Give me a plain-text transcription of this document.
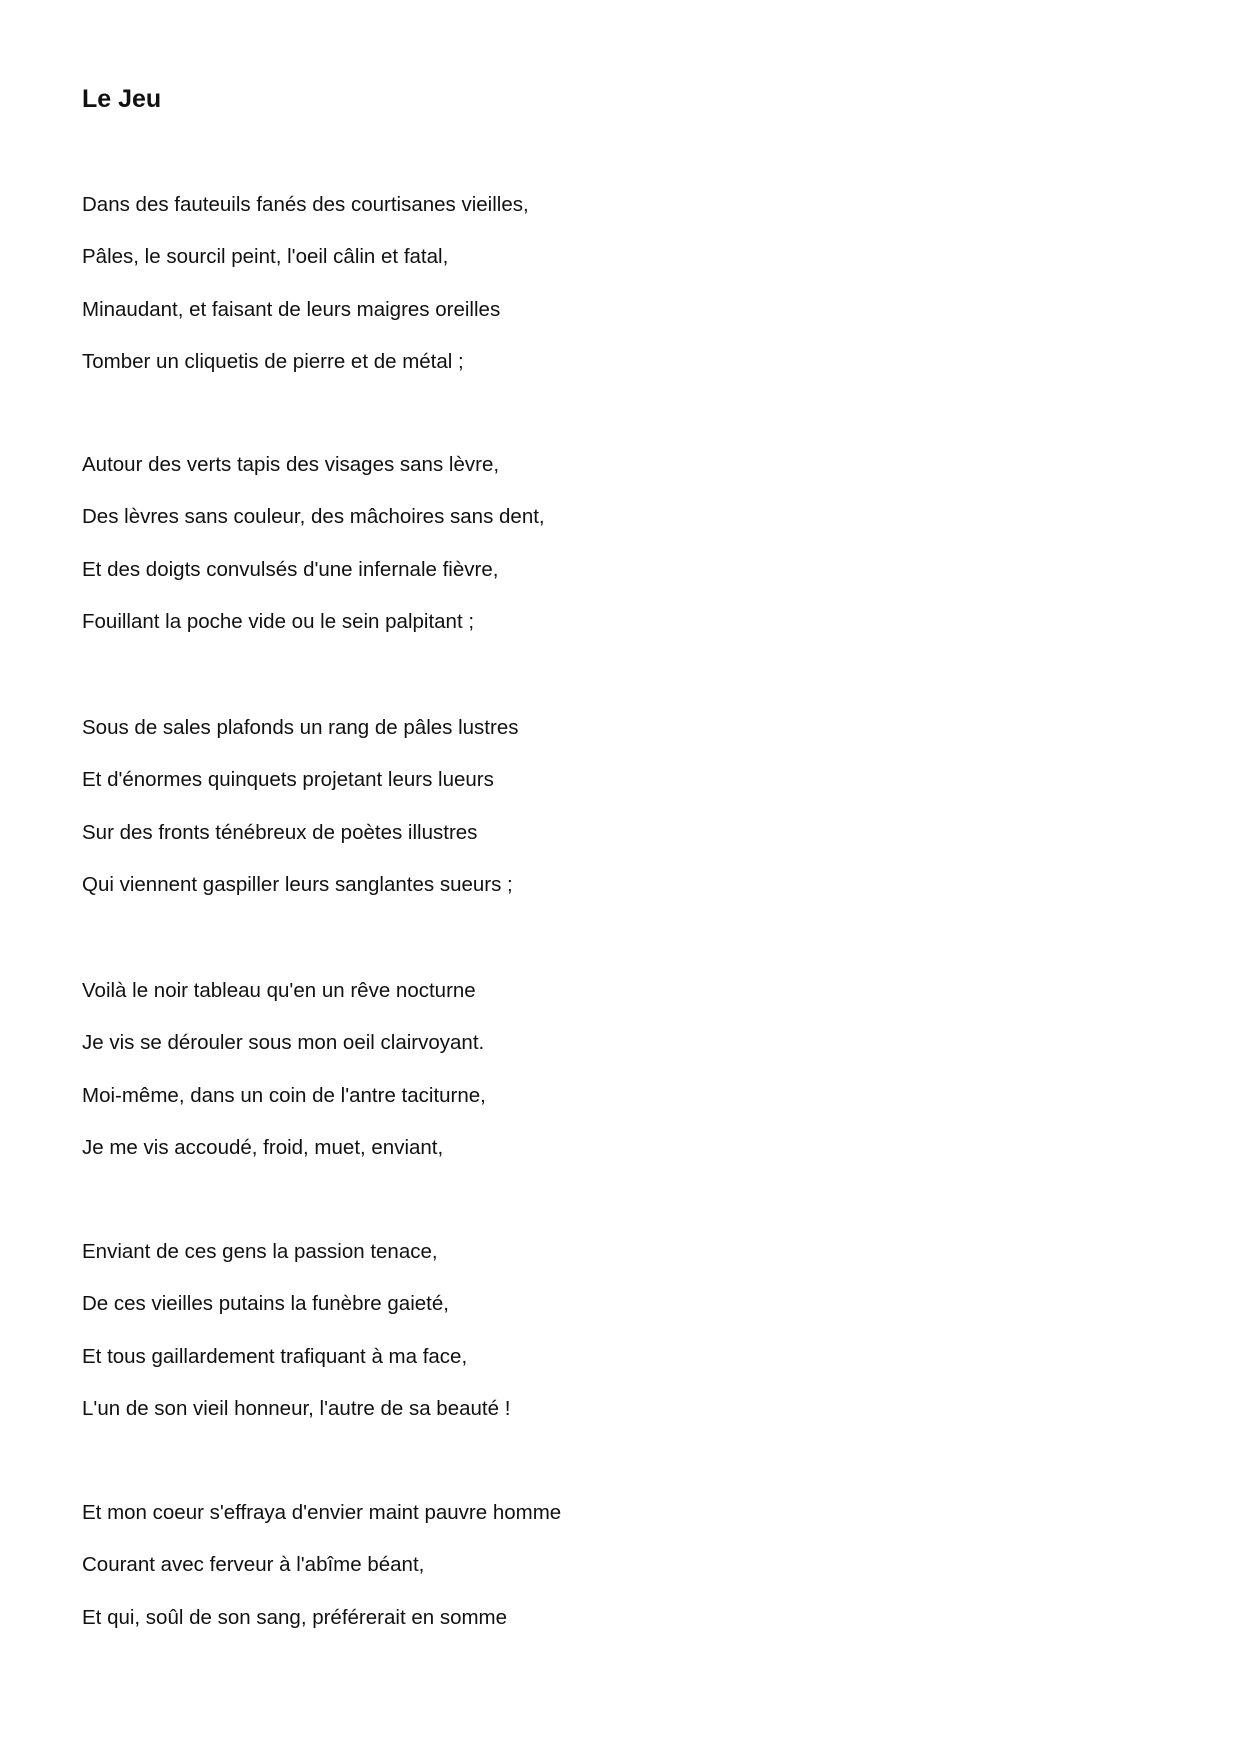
Le Jeu
Dans des fauteuils fanés des courtisanes vieilles,
Pâles, le sourcil peint, l'oeil câlin et fatal,
Minaudant, et faisant de leurs maigres oreilles
Tomber un cliquetis de pierre et de métal ;
Autour des verts tapis des visages sans lèvre,
Des lèvres sans couleur, des mâchoires sans dent,
Et des doigts convulsés d'une infernale fièvre,
Fouillant la poche vide ou le sein palpitant ;
Sous de sales plafonds un rang de pâles lustres
Et d'énormes quinquets projetant leurs lueurs
Sur des fronts ténébreux de poètes illustres
Qui viennent gaspiller leurs sanglantes sueurs ;
Voilà le noir tableau qu'en un rêve nocturne
Je vis se dérouler sous mon oeil clairvoyant.
Moi-même, dans un coin de l'antre taciturne,
Je me vis accoudé, froid, muet, enviant,
Enviant de ces gens la passion tenace,
De ces vieilles putains la funèbre gaieté,
Et tous gaillardement trafiquant à ma face,
L'un de son vieil honneur, l'autre de sa beauté !
Et mon coeur s'effraya d'envier maint pauvre homme
Courant avec ferveur à l'abîme béant,
Et qui, soûl de son sang, préférerait en somme
